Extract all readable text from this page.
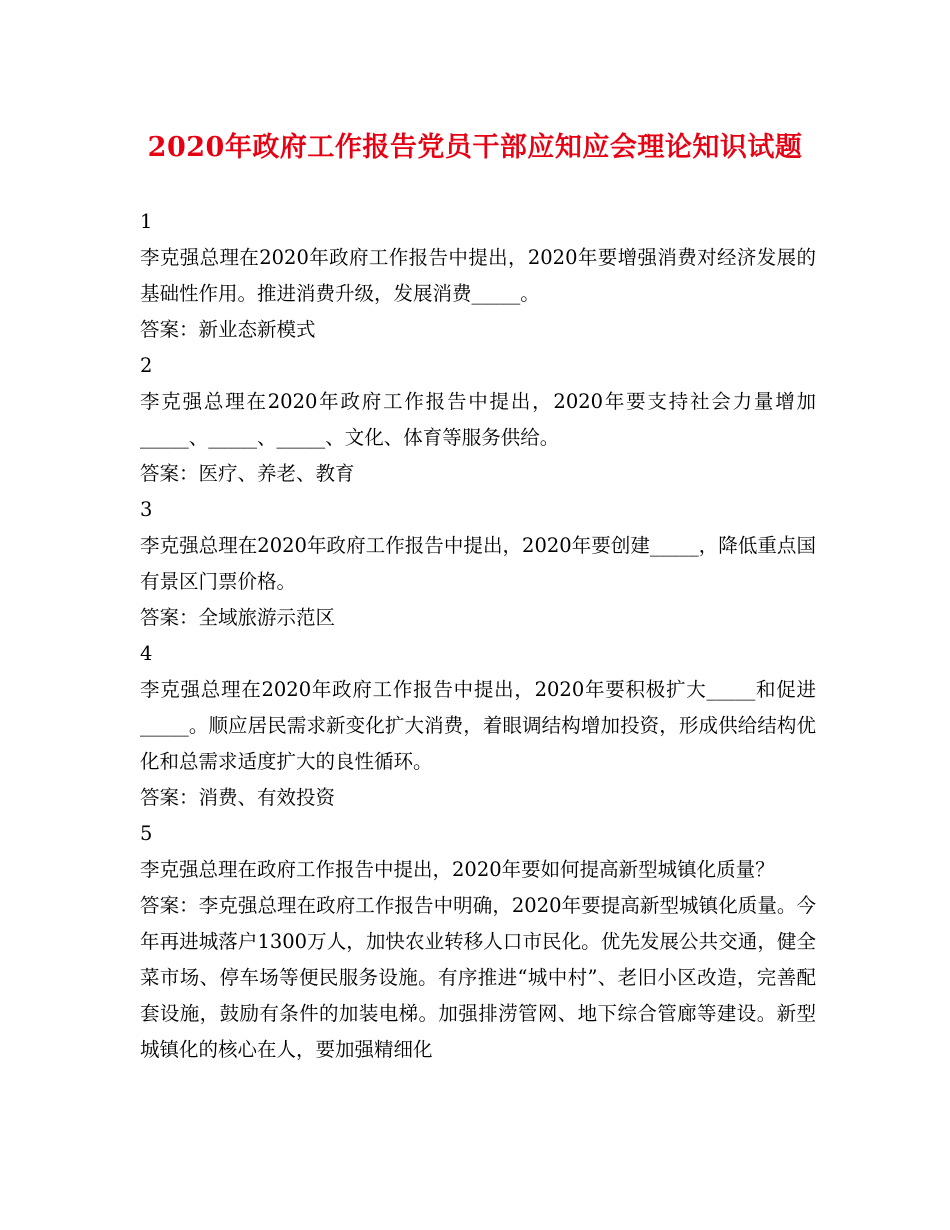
2020年政府工作报告党员干部应知应会理论知识试题

1

李克强总理在2020年政府工作报告中提出，2020年要增强消费对经济发展的基础性作用。推进消费升级，发展消费_____。

答案：新业态新模式

2

李克强总理在2020年政府工作报告中提出，2020年要支持社会力量增加_____、_____、_____、文化、体育等服务供给。

答案：医疗、养老、教育

3

李克强总理在2020年政府工作报告中提出，2020年要创建_____，降低重点国有景区门票价格。

答案：全域旅游示范区

4

李克强总理在2020年政府工作报告中提出，2020年要积极扩大_____和促进_____。顺应居民需求新变化扩大消费，着眼调结构增加投资，形成供给结构优化和总需求适度扩大的良性循环。

答案：消费、有效投资

5

李克强总理在政府工作报告中提出，2020年要如何提高新型城镇化质量？

答案：李克强总理在政府工作报告中明确，2020年要提高新型城镇化质量。今年再进城落户1300万人，加快农业转移人口市民化。优先发展公共交通，健全菜市场、停车场等便民服务设施。有序推进“城中村”、老旧小区改造，完善配套设施，鼓励有条件的加装电梯。加强排涝管网、地下综合管廊等建设。新型城镇化的核心在人，要加强精细化
